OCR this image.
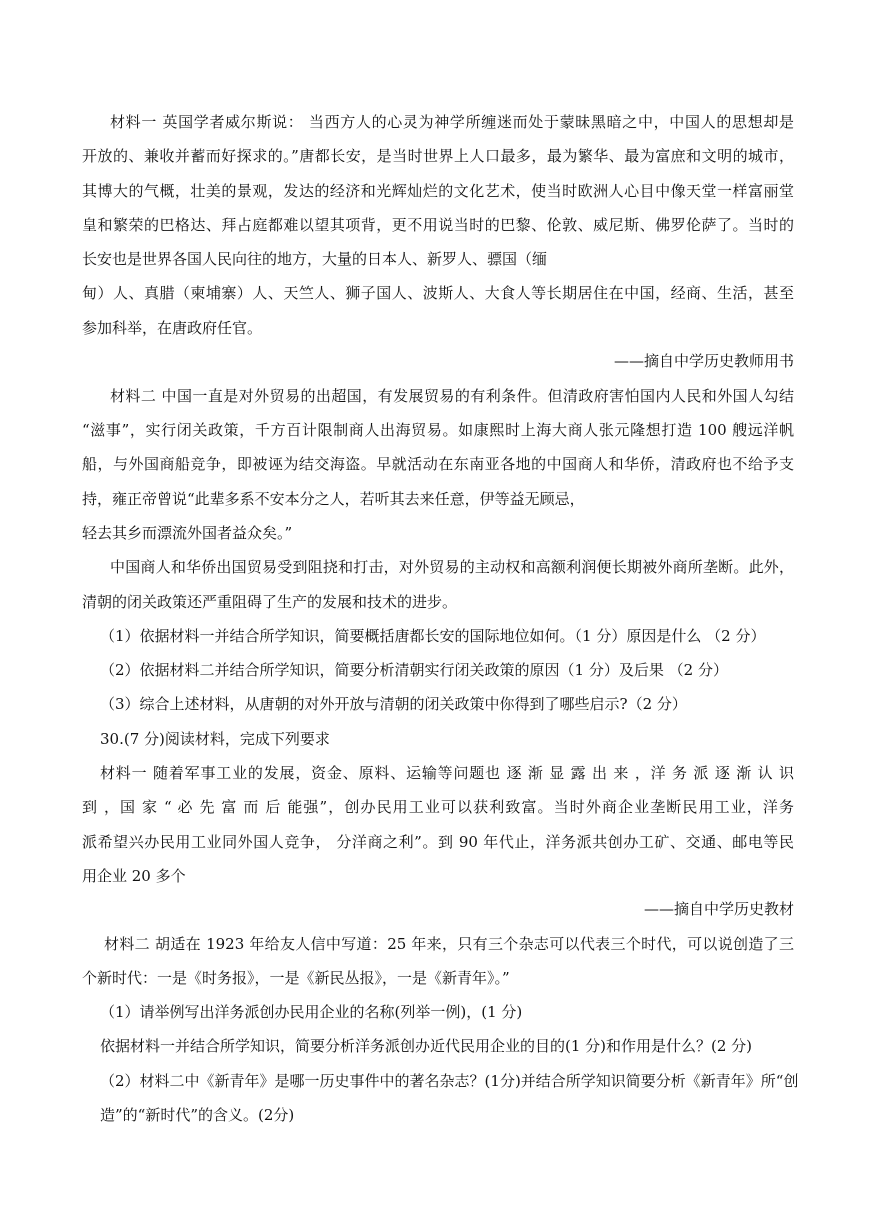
材料一 英国学者威尔斯说： 当西方人的心灵为神学所缠迷而处于蒙昧黑暗之中，中国人的思想却是
开放的、兼收并蓄而好探求的。”唐都长安，是当时世界上人口最多，最为繁华、最为富庶和文明的城市，
其博大的气概，壮美的景观，发达的经济和光辉灿烂的文化艺术，使当时欧洲人心目中像天堂一样富丽堂
皇和繁荣的巴格达、拜占庭都难以望其项背，更不用说当时的巴黎、伦敦、威尼斯、佛罗伦萨了。当时的
长安也是世界各国人民向往的地方，大量的日本人、新罗人、骠国（缅
甸）人、真腊（柬埔寨）人、天竺人、狮子国人、波斯人、大食人等长期居住在中国，经商、生活，甚至
参加科举，在唐政府任官。
——摘自中学历史教师用书
材料二 中国一直是对外贸易的出超国，有发展贸易的有利条件。但清政府害怕国内人民和外国人勾结
“滋事”，实行闭关政策，千方百计限制商人出海贸易。如康熙时上海大商人张元隆想打造 100 艘远洋帆
船，与外国商船竞争，即被诬为结交海盗。早就活动在东南亚各地的中国商人和华侨，清政府也不给予支
持，雍正帝曾说“此辈多系不安本分之人，若听其去来任意，伊等益无顾忌，
轻去其乡而漂流外国者益众矣。”
中国商人和华侨出国贸易受到阻挠和打击，对外贸易的主动权和高额利润便长期被外商所垄断。此外，
清朝的闭关政策还严重阻碍了生产的发展和技术的进步。
（1）依据材料一并结合所学知识，简要概括唐都长安的国际地位如何。（1 分）原因是什么 （2 分）
（2）依据材料二并结合所学知识，简要分析清朝实行闭关政策的原因（1 分）及后果 （2 分）
（3）综合上述材料，从唐朝的对外开放与清朝的闭关政策中你得到了哪些启示?（2 分）
30.(7 分)阅读材料，完成下列要求
材料一 随着军事工业的发展，资金、原料、运输等问题也 逐 渐 显 露 出 来 ，洋 务 派 逐 渐 认 识
到 ，国 家 “ 必 先 富 而 后 能强”，创办民用工业可以获利致富。当时外商企业垄断民用工业，洋务
派希望兴办民用工业同外国人竞争， 分洋商之利”。到 90 年代止，洋务派共创办工矿、交通、邮电等民
用企业 20 多个
——摘自中学历史教材
材料二 胡适在 1923 年给友人信中写道：25 年来，只有三个杂志可以代表三个时代，可以说创造了三
个新时代：一是《时务报》，一是《新民丛报》，一是《新青年》。”
（1）请举例写出洋务派创办民用企业的名称(列举一例)，(1 分)
依据材料一并结合所学知识，简要分析洋务派创办近代民用企业的目的(1 分)和作用是什么？(2 分)
（2）材料二中《新青年》是哪一历史事件中的著名杂志？(1分)并结合所学知识简要分析《新青年》所“创
造”的“新时代”的含义。(2分)
